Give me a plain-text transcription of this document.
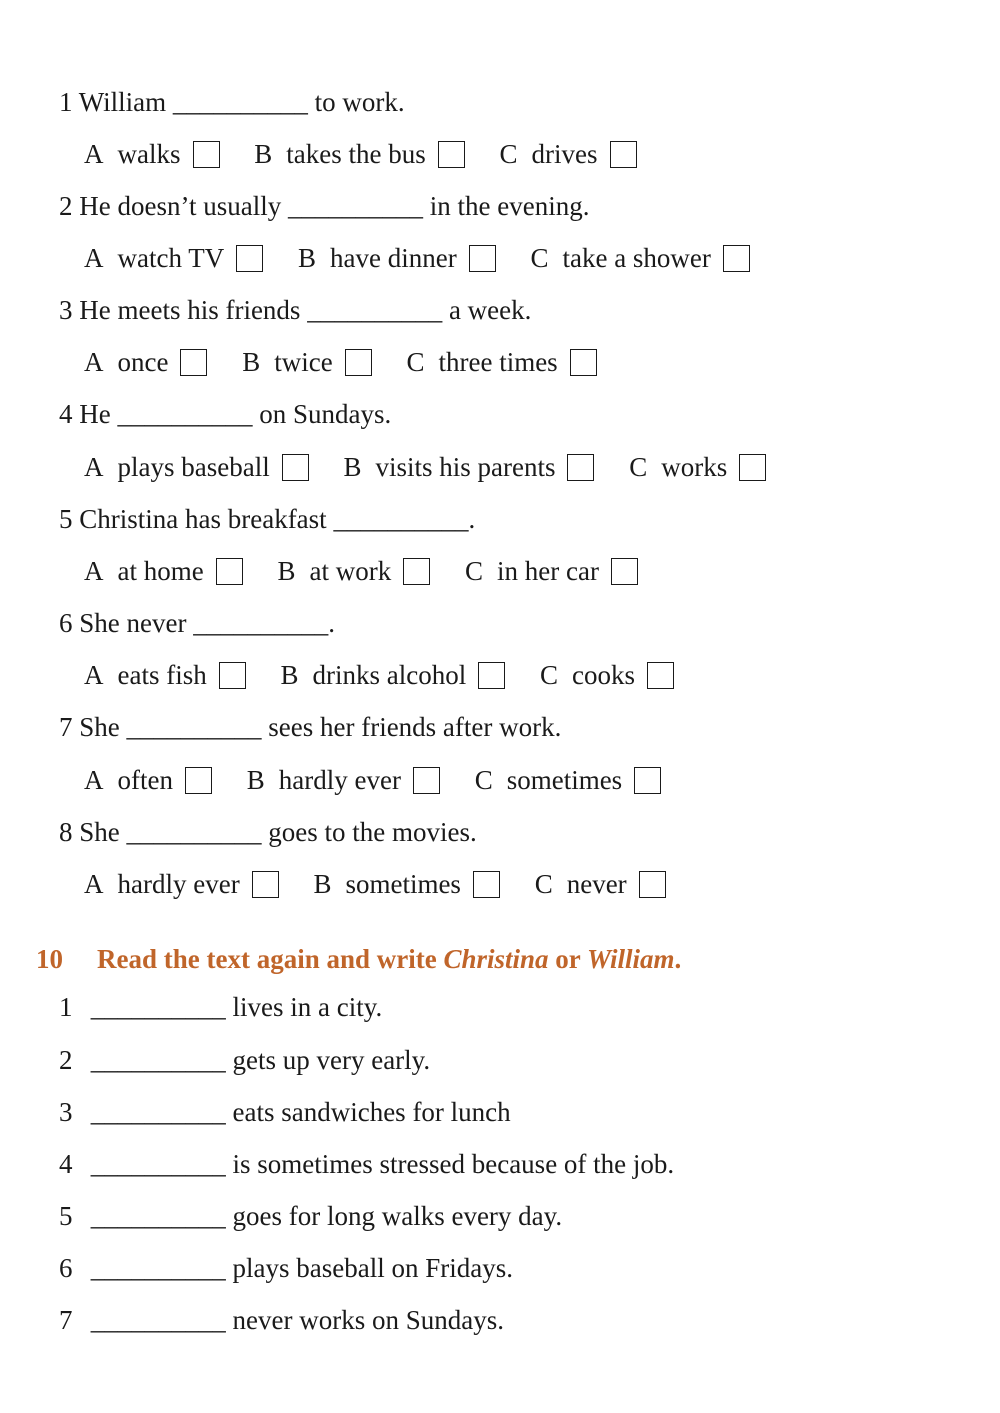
1 William __________ to work.
A walks	B takes the bus	C drives
2 He doesn’t usually __________ in the evening.
A watch TV	B have dinner	C take a shower
3 He meets his friends __________ a week.
A once	B twice	C three times
4 He __________ on Sundays.
A plays baseball	B visits his parents	C works
5 Christina has breakfast __________.
A at home	B at work	C in her car
6 She never __________.
A eats fish	B drinks alcohol	C cooks
7 She __________ sees her friends after work.
A often	B hardly ever	C sometimes
8 She __________ goes to the movies.
A hardly ever	B sometimes	C never
10 Read the text again and write Christina or William.
1 __________ lives in a city.
2 __________ gets up very early.
3 __________ eats sandwiches for lunch
4 __________ is sometimes stressed because of the job.
5 __________ goes for long walks every day.
6 __________ plays baseball on Fridays.
7 __________ never works on Sundays.
